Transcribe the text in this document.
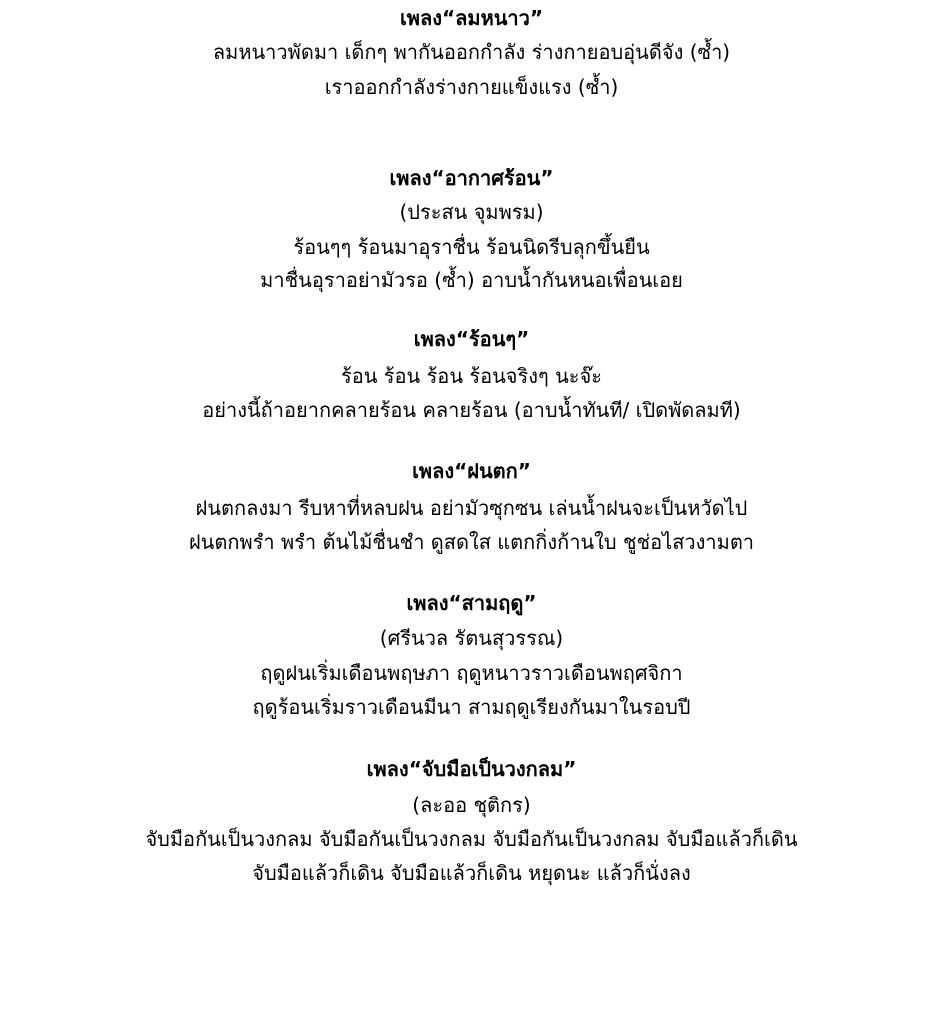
เพลง“ลมหนาว”
ลมหนาวพัดมา เด็กๆ พากันออกกำลัง ร่างกายอบอุ่นดีจัง (ซ้ำ)
เราออกกำลังร่างกายแข็งแรง (ซ้ำ)
เพลง“อากาศร้อน”
(ประสน จุมพรม)
ร้อนๆๆ ร้อนมาอุราชื่น ร้อนนิดรีบลุกขึ้นยืน
มาชื่นอุราอย่ามัวรอ (ซ้ำ) อาบน้ำกันหนอเพื่อนเอย
เพลง“ร้อนๆ”
ร้อน ร้อน ร้อน ร้อนจริงๆ นะจ๊ะ
อย่างนี้ถ้าอยากคลายร้อน คลายร้อน (อาบน้ำทันที/ เปิดพัดลมที)
เพลง“ฝนตก”
ฝนตกลงมา รีบหาที่หลบฝน อย่ามัวซุกซน เล่นน้ำฝนจะเป็นหวัดไป
ฝนตกพรำ พรำ ต้นไม้ชื่นชำ ดูสดใส แตกกิ่งก้านใบ ชูช่อไสวงามตา
เพลง“สามฤดู”
(ศรีนวล รัตนสุวรรณ)
ฤดูฝนเริ่มเดือนพฤษภา ฤดูหนาวราวเดือนพฤศจิกา
ฤดูร้อนเริ่มราวเดือนมีนา สามฤดูเรียงกันมาในรอบปี
เพลง“จับมือเป็นวงกลม”
(ละออ ชุติกร)
จับมือกันเป็นวงกลม จับมือกันเป็นวงกลม จับมือกันเป็นวงกลม จับมือแล้วก็เดิน
จับมือแล้วก็เดิน จับมือแล้วก็เดิน หยุดนะ แล้วก็นั่งลง
